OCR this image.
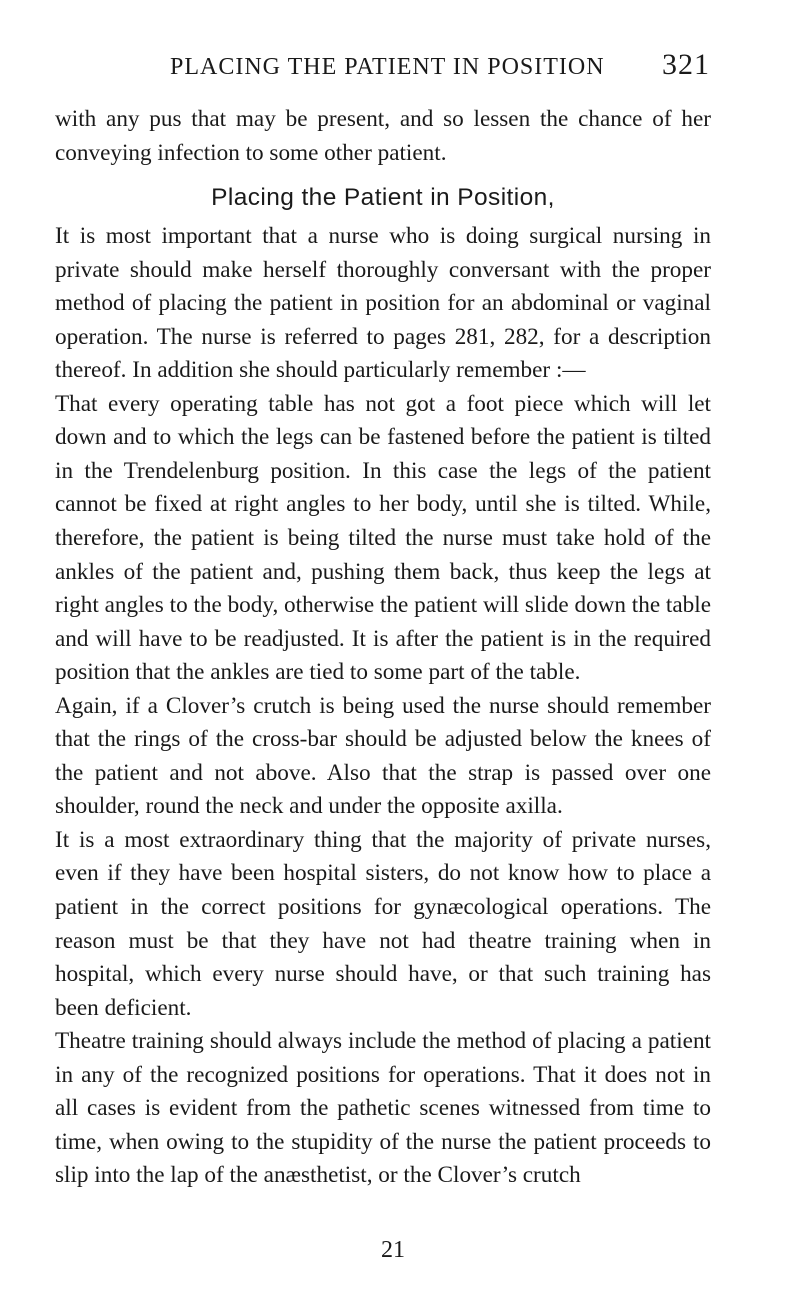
PLACING THE PATIENT IN POSITION 321

with any pus that may be present, and so lessen the chance of her conveying infection to some other patient.

Placing the Patient in Position,

It is most important that a nurse who is doing surgical nursing in private should make herself thoroughly conversant with the proper method of placing the patient in position for an abdominal or vaginal operation. The nurse is referred to pages 281, 282, for a description thereof. In addition she should particularly remember :—

That every operating table has not got a foot piece which will let down and to which the legs can be fastened before the patient is tilted in the Trendelenburg position. In this case the legs of the patient cannot be fixed at right angles to her body, until she is tilted. While, therefore, the patient is being tilted the nurse must take hold of the ankles of the patient and, pushing them back, thus keep the legs at right angles to the body, otherwise the patient will slide down the table and will have to be readjusted. It is after the patient is in the required position that the ankles are tied to some part of the table.

Again, if a Clover’s crutch is being used the nurse should remember that the rings of the cross-bar should be adjusted below the knees of the patient and not above. Also that the strap is passed over one shoulder, round the neck and under the opposite axilla.

It is a most extraordinary thing that the majority of private nurses, even if they have been hospital sisters, do not know how to place a patient in the correct positions for gynæcological operations. The reason must be that they have not had theatre training when in hospital, which every nurse should have, or that such training has been deficient.

Theatre training should always include the method of placing a patient in any of the recognized positions for operations. That it does not in all cases is evident from the pathetic scenes witnessed from time to time, when owing to the stupidity of the nurse the patient proceeds to slip into the lap of the anæsthetist, or the Clover’s crutch

21
